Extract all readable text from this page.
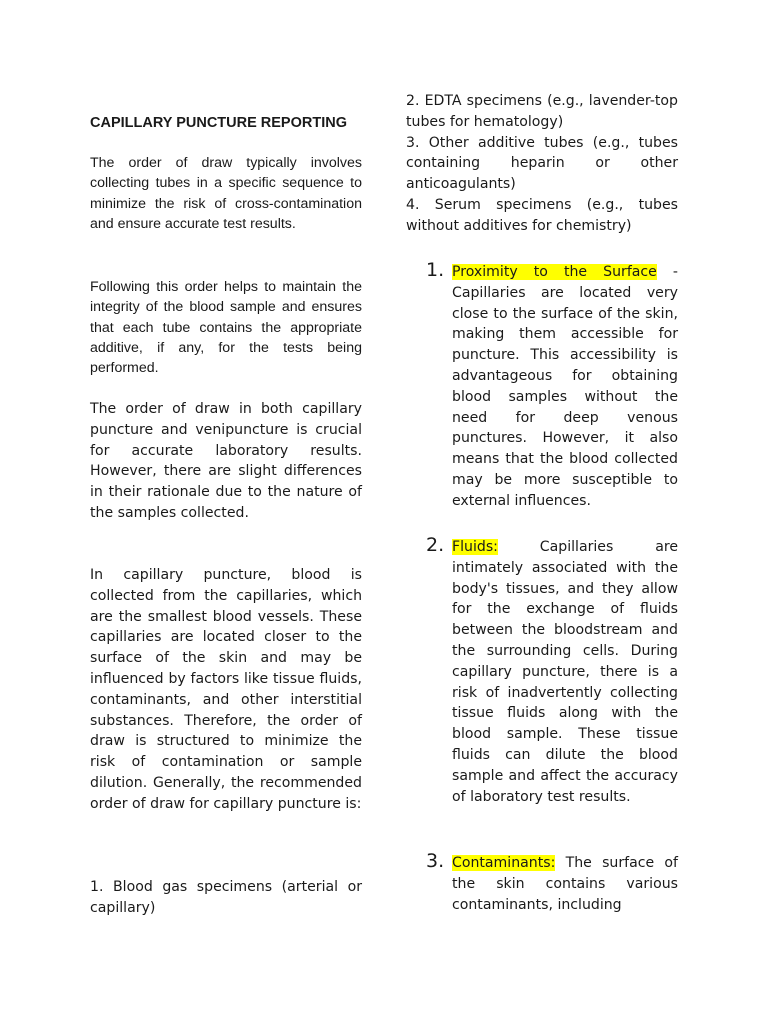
CAPILLARY PUNCTURE REPORTING

The order of draw typically involves collecting tubes in a specific sequence to minimize the risk of cross-contamination and ensure accurate test results.

Following this order helps to maintain the integrity of the blood sample and ensures that each tube contains the appropriate additive, if any, for the tests being performed.

The order of draw in both capillary puncture and venipuncture is crucial for accurate laboratory results. However, there are slight differences in their rationale due to the nature of the samples collected.

In capillary puncture, blood is collected from the capillaries, which are the smallest blood vessels. These capillaries are located closer to the surface of the skin and may be influenced by factors like tissue fluids, contaminants, and other interstitial substances. Therefore, the order of draw is structured to minimize the risk of contamination or sample dilution. Generally, the recommended order of draw for capillary puncture is:

1. Blood gas specimens (arterial or capillary)

2. EDTA specimens (e.g., lavender-top tubes for hematology)
3. Other additive tubes (e.g., tubes containing heparin or other anticoagulants)
4. Serum specimens (e.g., tubes without additives for chemistry)
1. Proximity to the Surface - Capillaries are located very close to the surface of the skin, making them accessible for puncture. This accessibility is advantageous for obtaining blood samples without the need for deep venous punctures. However, it also means that the blood collected may be more susceptible to external influences.

2. Fluids: Capillaries are intimately associated with the body's tissues, and they allow for the exchange of fluids between the bloodstream and the surrounding cells. During capillary puncture, there is a risk of inadvertently collecting tissue fluids along with the blood sample. These tissue fluids can dilute the blood sample and affect the accuracy of laboratory test results.

3. Contaminants: The surface of the skin contains various contaminants, including
